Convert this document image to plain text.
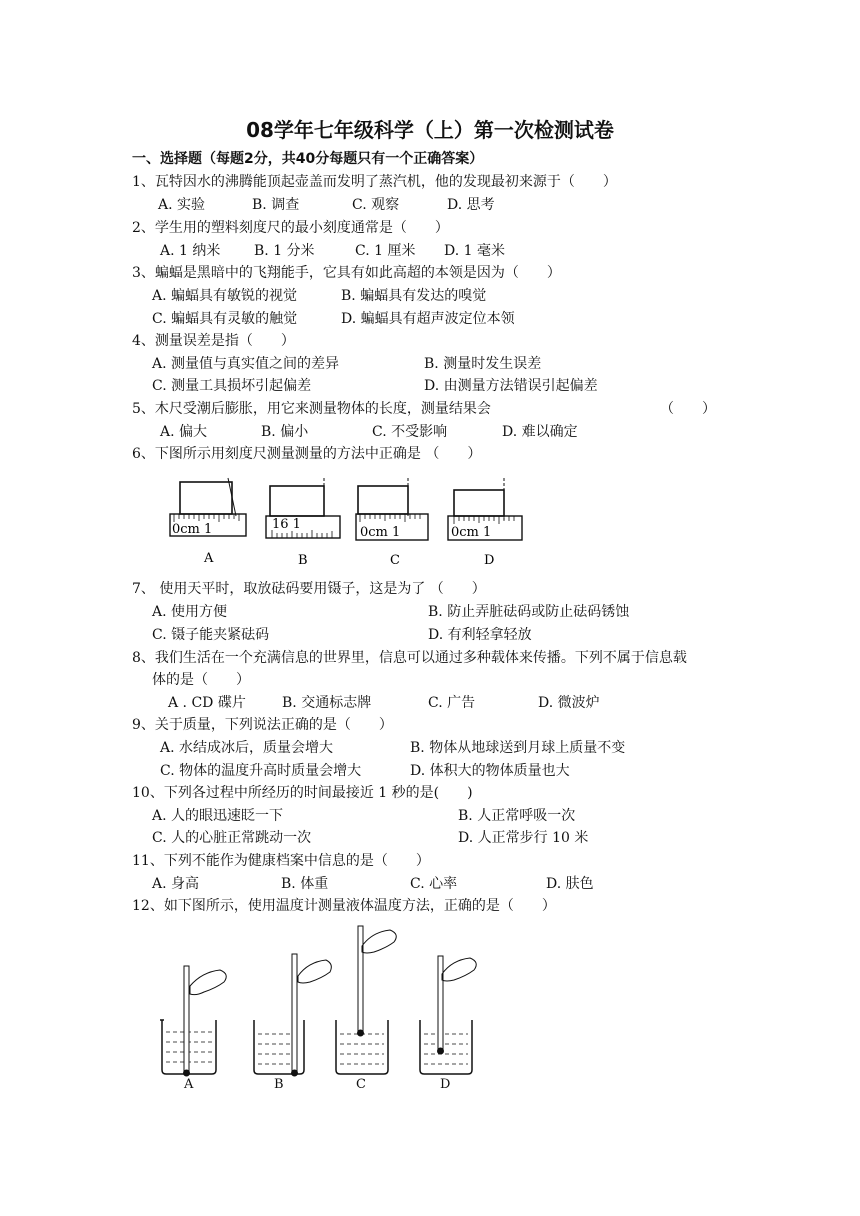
08学年七年级科学（上）第一次检测试卷
一、选择题（每题2分，共40分每题只有一个正确答案）
1、瓦特因水的沸腾能顶起壶盖而发明了蒸汽机，他的发现最初来源于（　　）
A. 实验	B. 调查	C. 观察	D. 思考
2、学生用的塑料刻度尺的最小刻度通常是（　　）
A. 1 纳米 B. 1 分米	C. 1 厘米 D. 1 毫米
3、蝙蝠是黑暗中的飞翔能手，它具有如此高超的本领是因为（　　）
A. 蝙蝠具有敏锐的视觉	B. 蝙蝠具有发达的嗅觉
C. 蝙蝠具有灵敏的触觉	D. 蝙蝠具有超声波定位本领
4、测量误差是指（　　）
A. 测量值与真实值之间的差异	B. 测量时发生误差
C. 测量工具损坏引起偏差	D. 由测量方法错误引起偏差
5、木尺受潮后膨胀，用它来测量物体的长度，测量结果会	（　　）
A. 偏大	B. 偏小	C. 不受影响	D. 难以确定
6、下图所示用刻度尺测量测量的方法中正确是 （　　）
0cm 1
A
16 1
B
0cm 1
C
0cm 1
D
7、 使用天平时，取放砝码要用镊子，这是为了 （　　）
A. 使用方便	B. 防止弄脏砝码或防止砝码锈蚀
C. 镊子能夹紧砝码	D. 有利轻拿轻放
8、我们生活在一个充满信息的世界里，信息可以通过多种载体来传播。下列不属于信息载
体的是（　　）
A . CD 碟片	B. 交通标志牌	C. 广告	D. 微波炉
9、关于质量，下列说法正确的是（　　）
A. 水结成冰后，质量会增大	B. 物体从地球送到月球上质量不变
C. 物体的温度升高时质量会增大	D. 体积大的物体质量也大
10、下列各过程中所经历的时间最接近 1 秒的是(　　)
A. 人的眼迅速眨一下	B. 人正常呼吸一次
C. 人的心脏正常跳动一次	D. 人正常步行 10 米
11、下列不能作为健康档案中信息的是（　　）
A. 身高	B. 体重	C. 心率	D. 肤色
12、如下图所示，使用温度计测量液体温度方法，正确的是（　　）
A	B	C	D
